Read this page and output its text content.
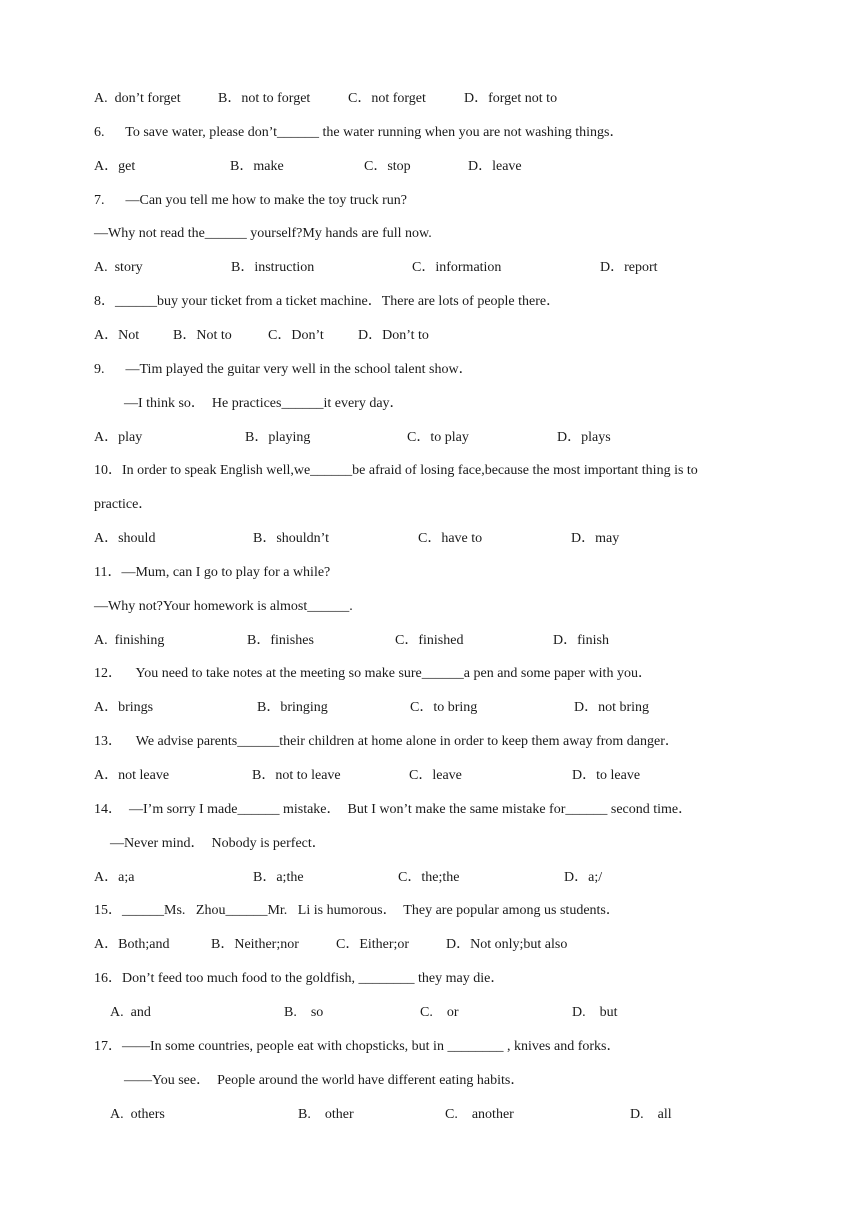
A.  don’t forget	B．not to forget	C．not forget	D．forget not to
6.      To save water, please don’t______ the water running when you are not washing things．
A．get	B．make	C．stop	D．leave
7.      —Can you tell me how to make the toy truck run?
—Why not read the______ yourself?My hands are full now.
A.  story	B．instruction	C．information	D．report
8．______buy your ticket from a ticket machine．There are lots of people there．
A．Not B．Not to	C．Don’t D．Don’t to
9.      —Tim played the guitar very well in the school talent show．
—I think so．  He practices______it every day．
A．play	B．playing	C．to play	D．plays
10．In order to speak English well,we______be afraid of losing face,because the most important thing is to
practice．
A．should	B．shouldn’t	C．have to	D．may
11．—Mum, can I go to play for a while?
—Why not?Your homework is almost______.
A.  finishing	B．finishes	C．finished	D．finish
12．    You need to take notes at the meeting so make sure______a pen and some paper with you．
A．brings	B．bringing	C．to bring	D．not bring
13．    We advise parents______their children at home alone in order to keep them away from danger．
A．not leave	B．not to leave	C．leave	D．to leave
14．  —I’m sorry I made______ mistake．  But I won’t make the same mistake for______ second time．
—Never mind．  Nobody is perfect．
A．a;a	B．a;the	C．the;the	D．a;/
15．______Ms.   Zhou______Mr.   Li is humorous．  They are popular among us students．
A．Both;and	B．Neither;nor	C．Either;or	D．Not only;but also
16．Don’t feed too much food to the goldfish, ________ they may die．
A.  and	B.    so	C.    or	D.    but
17．——In some countries, people eat with chopsticks, but in ________ , knives and forks．
——You see．  People around the world have different eating habits．
A.  others	B.    other	C.    another	D.    all
